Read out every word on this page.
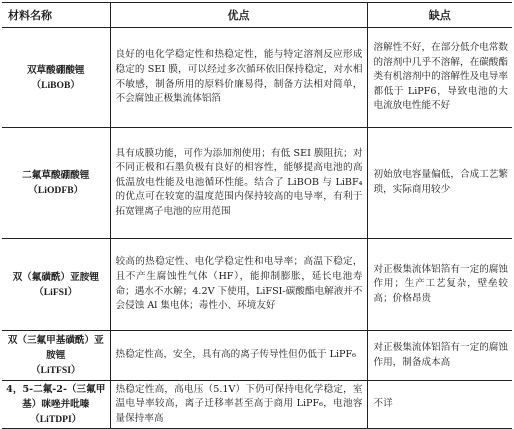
材料名称	优点	缺点

双草酸硼酸锂
（LiBOB）	良好的电化学稳定性和热稳定性，能与特定溶剂反应形成稳定的 SEI 膜，可以经过多次循环依旧保持稳定，对水相不敏感，制备所用的原料价廉易得，制备方法相对简单，不会腐蚀正极集流体铝箔	溶解性不好，在部分低介电常数的溶剂中几乎不溶解，在碳酸酯类有机溶剂中的溶解性及电导率都低于 LiPF6，导致电池的大电流放电性能不好

二氟草酸硼酸锂
（LiODFB）	具有成膜功能，可作为添加剂使用；有低 SEI 膜阻抗；对不同正极和石墨负极有良好的相容性，能够提高电池的高低温放电性能及电池循环性能。结合了 LiBOB 与 LiBF₄ 的优点可在较宽的温度范围内保持较高的电导率，有利于拓宽锂离子电池的应用范围	初始放电容量偏低，合成工艺繁琐，实际商用较少

双（氟磺酰）亚胺锂
（LiFSI）	较高的热稳定性、电化学稳定性和电导率；高温下稳定，且不产生腐蚀性气体（HF），能抑制膨胀，延长电池寿命；遇水不水解；4.2V 下使用，LiFSI-碳酸酯电解液并不会侵蚀 Al 集电体；毒性小、环境友好	对正极集流体铝箔有一定的腐蚀作用；生产工艺复杂，壁垒较高；价格昂贵

双（三氟甲基磺酰）亚胺锂
（LiTFSI）	热稳定性高，安全，具有高的离子传导性但仍低于 LiPF₆	对正极集流体铝箔有一定的腐蚀作用，制备成本高

4，5-二氟-2-（三氟甲基）咪唑并吡嗪
（LiTDPI）	热稳定性高，高电压（5.1V）下仍可保持电化学稳定，室温电导率较高，离子迁移率甚至高于商用 LiPF₆，电池容量保持率高	不详
